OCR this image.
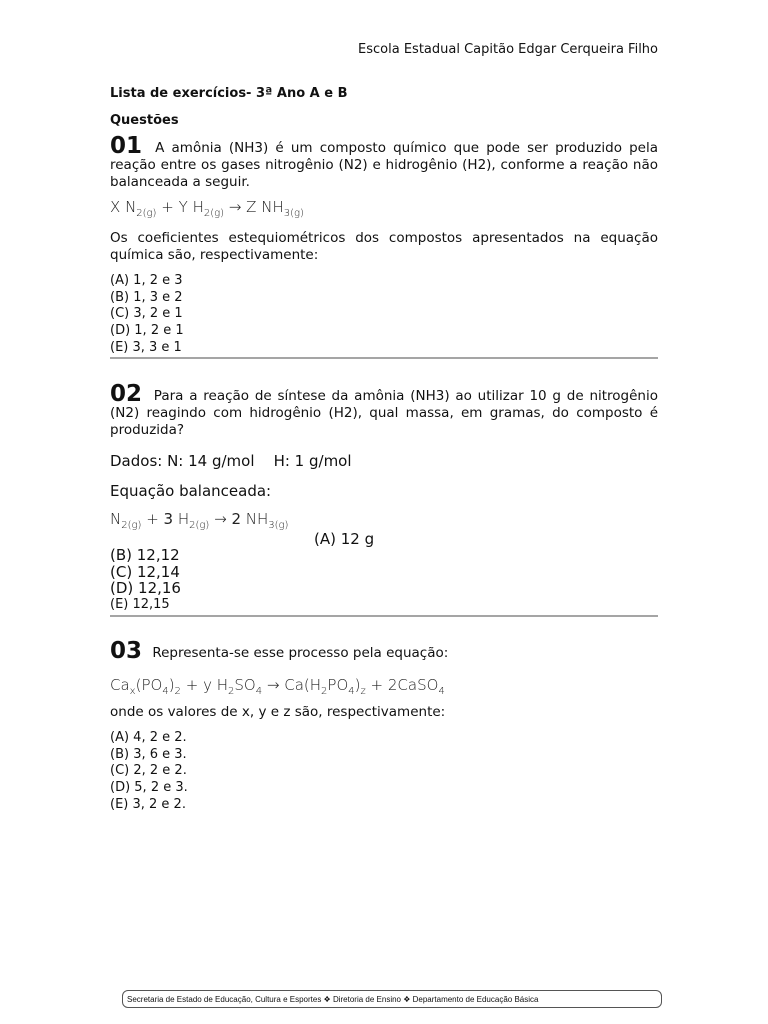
Escola Estadual Capitão Edgar Cerqueira Filho
Lista de exercícios- 3ª Ano A e B
Questões
01 A amônia (NH3) é um composto químico que pode ser produzido pela reação entre os gases nitrogênio (N2) e hidrogênio (H2), conforme a reação não balanceada a seguir.
X $N_{2(g)} + Y$ $H_{2(g)} \to Z$ $NH_{3(g)}$
Os coeficientes estequiométricos dos compostos apresentados na equação química são, respectivamente:
(A) 1, 2 e 3
(B) 1, 3 e 2
(C) 3, 2 e 1
(D) 1, 2 e 1
(E) 3, 3 e 1
02 Para a reação de síntese da amônia (NH3) ao utilizar 10 g de nitrogênio (N2) reagindo com hidrogênio (H2), qual massa, em gramas, do composto é produzida?
Dados: N: 14 g/mol    H: 1 g/mol
Equação balanceada:
$N_{2(g)} + 3$ $H_{2(g)} \to 2$ $NH_{3(g)}$
(A) 12 g
(B) 12,12
(C) 12,14
(D) 12,16
(E) 12,15
03 Representa-se esse processo pela equação:
$Ca_x(PO_4)_2 + y$ $H_2SO_4 \to Ca(H_2PO_4)_z$ + 2CaSO$_4$
onde os valores de x, y e z são, respectivamente:
(A) 4, 2 e 2.
(B) 3, 6 e 3.
(C) 2, 2 e 2.
(D) 5, 2 e 3.
(E) 3, 2 e 2.
Secretaria de Estado de Educação, Cultura e Esportes ❖ Diretoria de Ensino ❖ Departamento de Educação Básica
